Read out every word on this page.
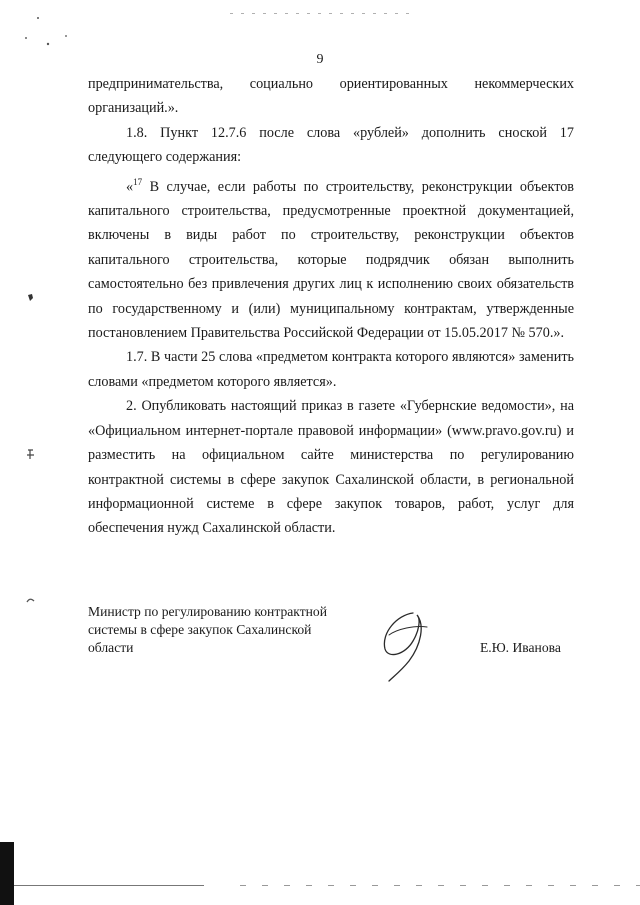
9

предпринимательства, социально ориентированных некоммерческих организаций.».

1.8. Пункт 12.7.6 после слова «рублей» дополнить сноской 17 следующего содержания:

«$^{17}$ В случае, если работы по строительству, реконструкции объектов капитального строительства, предусмотренные проектной документацией, включены в виды работ по строительству, реконструкции объектов капитального строительства, которые подрядчик обязан выполнить самостоятельно без привлечения других лиц к исполнению своих обязательств по государственному и (или) муниципальному контрактам, утвержденные постановлением Правительства Российской Федерации от 15.05.2017 № 570.».

1.7. В части 25 слова «предметом контракта которого являются» заменить словами «предметом которого является».

2. Опубликовать настоящий приказ в газете «Губернские ведомости», на «Официальном интернет-портале правовой информации» (www.pravo.gov.ru) и разместить на официальном сайте министерства по регулированию контрактной системы в сфере закупок Сахалинской области, в региональной информационной системе в сфере закупок товаров, работ, услуг для обеспечения нужд Сахалинской области.

Министр по регулированию контрактной системы в сфере закупок Сахалинской области	Е.Ю. Иванова
